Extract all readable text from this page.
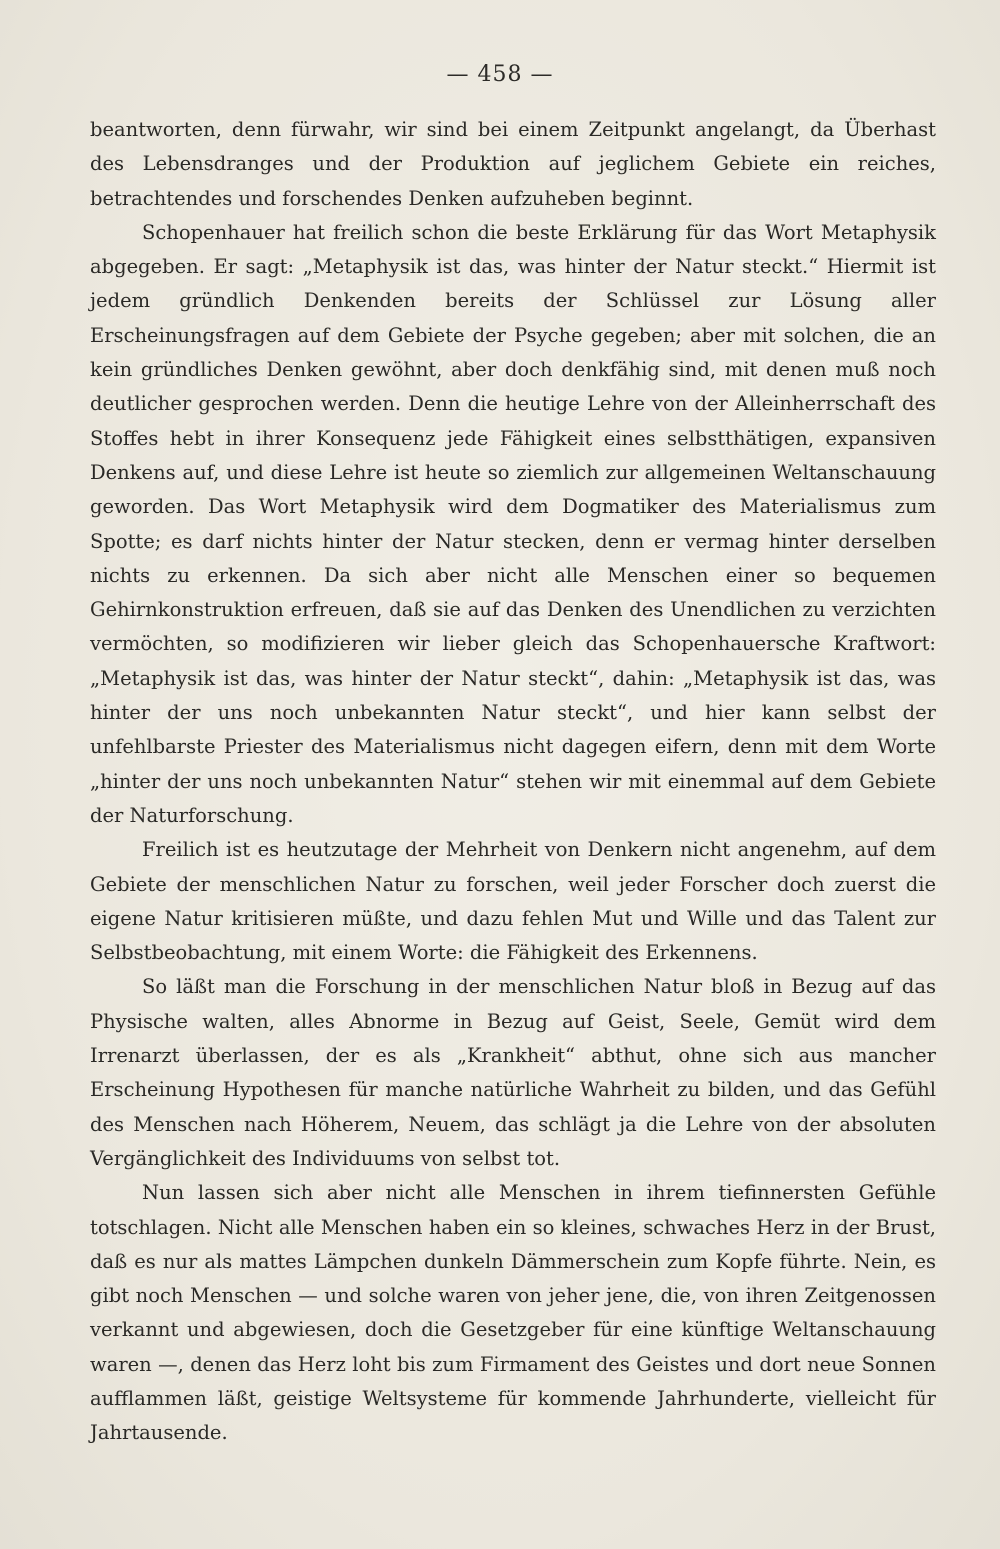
— 458 —

beantworten, denn fürwahr, wir sind bei einem Zeitpunkt angelangt, da Überhast des Lebensdranges und der Produktion auf jeglichem Gebiete ein reiches, betrachtendes und forschendes Denken aufzuheben beginnt.

Schopenhauer hat freilich schon die beste Erklärung für das Wort Metaphysik abgegeben. Er sagt: „Metaphysik ist das, was hinter der Natur steckt.“ Hiermit ist jedem gründlich Denkenden bereits der Schlüssel zur Lösung aller Erscheinungsfragen auf dem Gebiete der Psyche gegeben; aber mit solchen, die an kein gründliches Denken gewöhnt, aber doch denkfähig sind, mit denen muß noch deutlicher gesprochen werden. Denn die heutige Lehre von der Alleinherrschaft des Stoffes hebt in ihrer Konsequenz jede Fähigkeit eines selbstthätigen, expansiven Denkens auf, und diese Lehre ist heute so ziemlich zur allgemeinen Weltanschauung geworden. Das Wort Metaphysik wird dem Dogmatiker des Materialismus zum Spotte; es darf nichts hinter der Natur stecken, denn er vermag hinter derselben nichts zu erkennen. Da sich aber nicht alle Menschen einer so bequemen Gehirnkonstruktion erfreuen, daß sie auf das Denken des Unendlichen zu verzichten vermöchten, so modifizieren wir lieber gleich das Schopenhauersche Kraftwort: „Metaphysik ist das, was hinter der Natur steckt“, dahin: „Metaphysik ist das, was hinter der uns noch unbekannten Natur steckt“, und hier kann selbst der unfehlbarste Priester des Materialismus nicht dagegen eifern, denn mit dem Worte „hinter der uns noch unbekannten Natur“ stehen wir mit einemmal auf dem Gebiete der Naturforschung.

Freilich ist es heutzutage der Mehrheit von Denkern nicht angenehm, auf dem Gebiete der menschlichen Natur zu forschen, weil jeder Forscher doch zuerst die eigene Natur kritisieren müßte, und dazu fehlen Mut und Wille und das Talent zur Selbstbeobachtung, mit einem Worte: die Fähigkeit des Erkennens.

So läßt man die Forschung in der menschlichen Natur bloß in Bezug auf das Physische walten, alles Abnorme in Bezug auf Geist, Seele, Gemüt wird dem Irrenarzt überlassen, der es als „Krankheit“ abthut, ohne sich aus mancher Erscheinung Hypothesen für manche natürliche Wahrheit zu bilden, und das Gefühl des Menschen nach Höherem, Neuem, das schlägt ja die Lehre von der absoluten Vergänglichkeit des Individuums von selbst tot.

Nun lassen sich aber nicht alle Menschen in ihrem tiefinnersten Gefühle totschlagen. Nicht alle Menschen haben ein so kleines, schwaches Herz in der Brust, daß es nur als mattes Lämpchen dunkeln Dämmerschein zum Kopfe führte. Nein, es gibt noch Menschen — und solche waren von jeher jene, die, von ihren Zeitgenossen verkannt und abgewiesen, doch die Gesetzgeber für eine künftige Weltanschauung waren —, denen das Herz loht bis zum Firmament des Geistes und dort neue Sonnen aufflammen läßt, geistige Weltsysteme für kommende Jahrhunderte, vielleicht für Jahrtausende.
